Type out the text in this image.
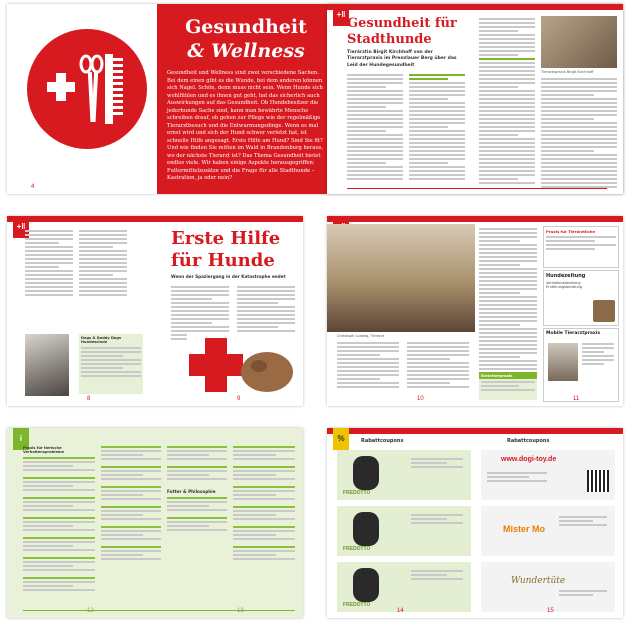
4
Gesundheit
& Wellness
Gesundheit und Wellness sind zwei verschiedene Sachen. Bei dem einen gibt es die Wunde, bei dem anderen können sich Nagel. Schön, denn muss nicht sein. Wenn Hunde sich wohlfühlen und es ihnen gut geht, hat das sicherlich auch Auswirkungen auf das Gesundheit. Ob Hundebesitzer die jederhunde Sache sind, kann man bewährte Mensche schreiben drauf, ob gehen zur Pflege wie der regelmäßige Tierarztbesuch und die Entwurmungsdinge. Wenn es mal ernst wird und sich der Hund schwer verletzt hat, ist schnelle Hilfe angesagt. Erste Hilfe am Hund? Sind Sie fit? Und wie finden Sie mitten im Wald in Brandenburg heraus, wo der nächste Tierarzt ist? Das Thema Gesundheit bietet endlos viele. Wir haben einige Aspekte herausgegriffen: Futtermittelzusätze und die Frage für alle Stadthunde – Kastration, ja oder nein?
+‖
Gesundheit für
Stadthunde
Tierärztin Birgit Kirchhoff von der Tierarztpraxis im Prenzlauer Berg über das Leid der Hundegesundheit
Tierarztpraxis Birgit Kirchhoff
+‖
Dogs & Daddy Dogs Hundeschule
Erste Hilfe
für Hunde
Wenn der Spaziergang in der Katastrophe endet
8	9
Christoph Ludwig, Tierarzt
Kleintierpraxis
Praxis für Tierärztliche
Hundezeitung
Verhaltensberatung Ernährungsberatung
Mobile Tierarztpraxis
10	11
i
Praxis für tierische Verhaltensprobleme
Futter & Philosophie
12	13
%	Rabattcoupons	Rabattcoupons
FREDOTTO
FREDOTTO
FREDOTTO
www.dogi-toy.de
Mister Mo
Wundertüte
14	15
